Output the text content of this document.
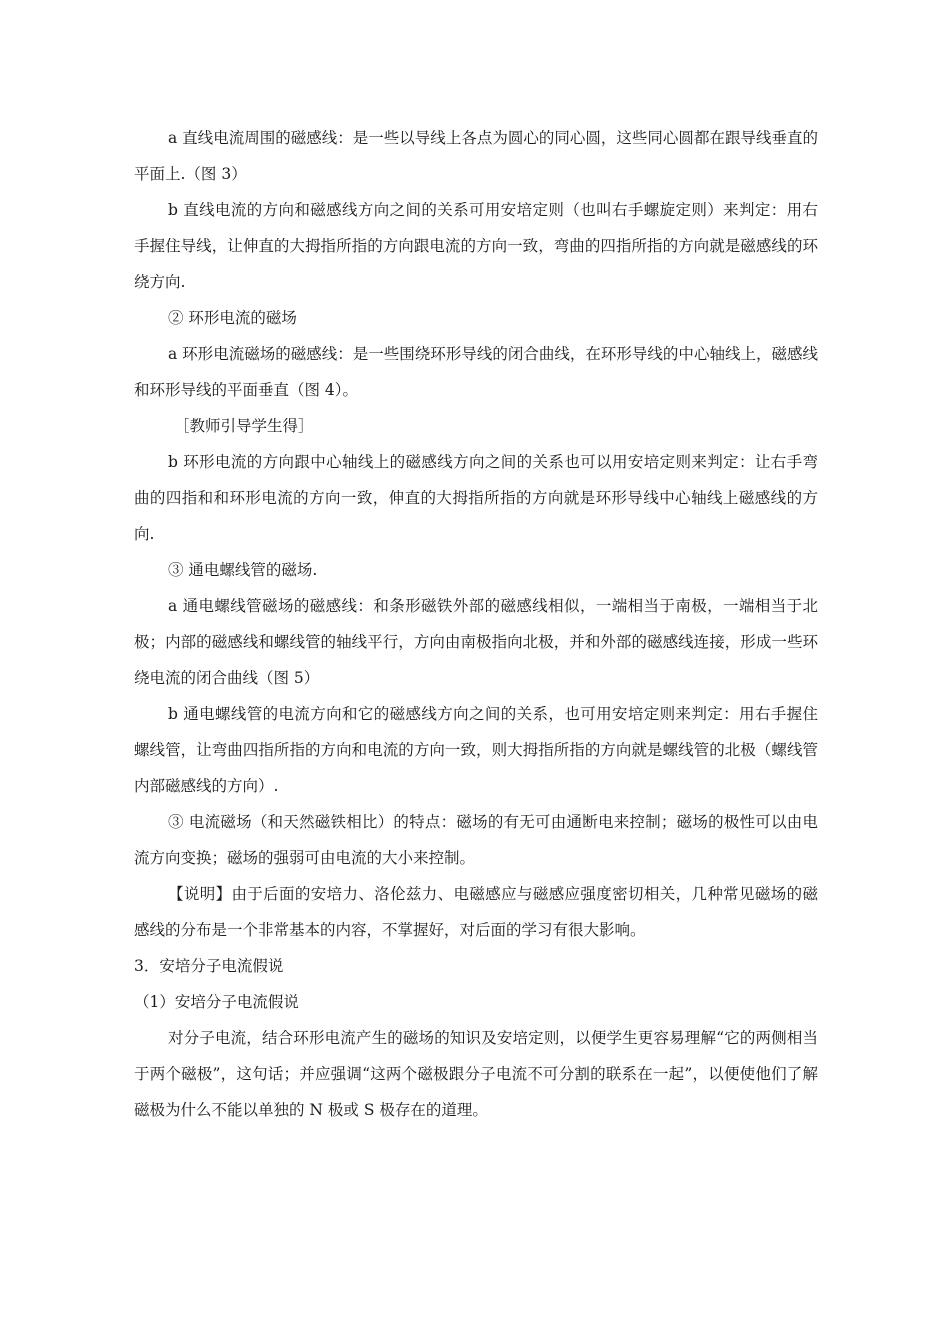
a 直线电流周围的磁感线：是一些以导线上各点为圆心的同心圆，这些同心圆都在跟导线垂直的平面上.（图 3）

b 直线电流的方向和磁感线方向之间的关系可用安培定则（也叫右手螺旋定则）来判定：用右手握住导线，让伸直的大拇指所指的方向跟电流的方向一致，弯曲的四指所指的方向就是磁感线的环绕方向.

② 环形电流的磁场

a 环形电流磁场的磁感线：是一些围绕环形导线的闭合曲线，在环形导线的中心轴线上，磁感线和环形导线的平面垂直（图 4）。

［教师引导学生得］

b 环形电流的方向跟中心轴线上的磁感线方向之间的关系也可以用安培定则来判定：让右手弯曲的四指和和环形电流的方向一致，伸直的大拇指所指的方向就是环形导线中心轴线上磁感线的方向.

③ 通电螺线管的磁场.

a 通电螺线管磁场的磁感线：和条形磁铁外部的磁感线相似，一端相当于南极，一端相当于北极；内部的磁感线和螺线管的轴线平行，方向由南极指向北极，并和外部的磁感线连接，形成一些环绕电流的闭合曲线（图 5）

b 通电螺线管的电流方向和它的磁感线方向之间的关系，也可用安培定则来判定：用右手握住螺线管，让弯曲四指所指的方向和电流的方向一致，则大拇指所指的方向就是螺线管的北极（螺线管内部磁感线的方向）.

③ 电流磁场（和天然磁铁相比）的特点：磁场的有无可由通断电来控制；磁场的极性可以由电流方向变换；磁场的强弱可由电流的大小来控制。

【说明】由于后面的安培力、洛伦兹力、电磁感应与磁感应强度密切相关，几种常见磁场的磁感线的分布是一个非常基本的内容，不掌握好，对后面的学习有很大影响。

3．安培分子电流假说

（1）安培分子电流假说

对分子电流，结合环形电流产生的磁场的知识及安培定则，以便学生更容易理解“它的两侧相当于两个磁极”，这句话；并应强调“这两个磁极跟分子电流不可分割的联系在一起”，以便使他们了解磁极为什么不能以单独的 N 极或 S 极存在的道理。
